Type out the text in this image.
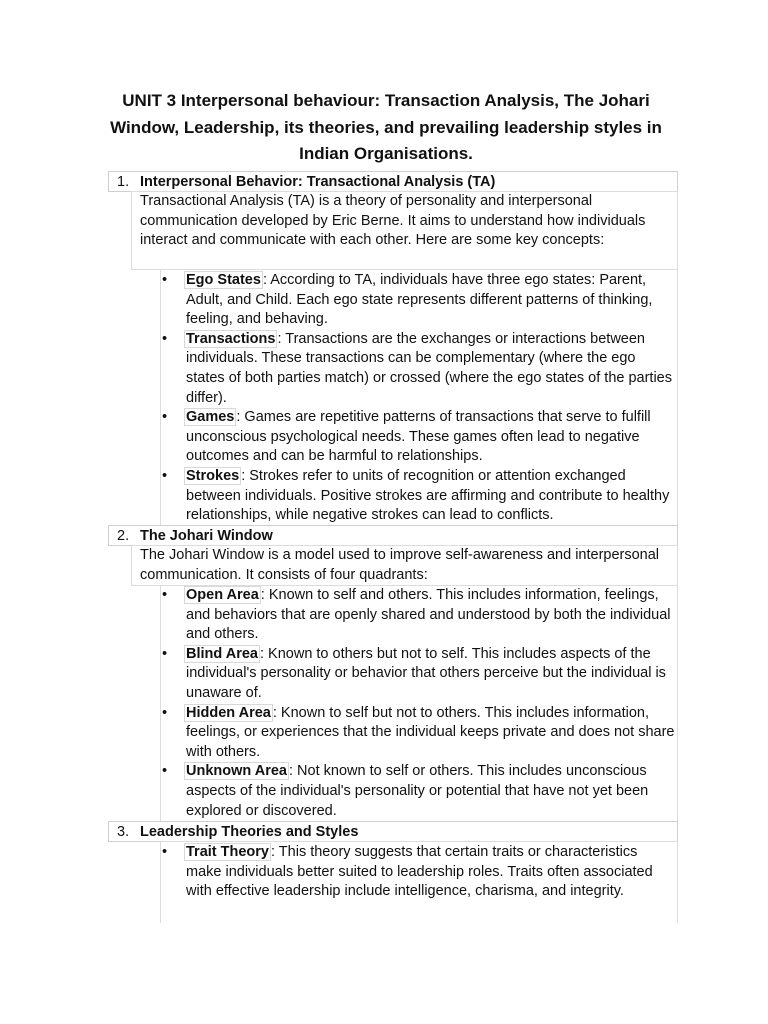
UNIT 3 Interpersonal behaviour: Transaction Analysis, The Johari Window, Leadership, its theories, and prevailing leadership styles in Indian Organisations.
1. Interpersonal Behavior: Transactional Analysis (TA)
Transactional Analysis (TA) is a theory of personality and interpersonal communication developed by Eric Berne. It aims to understand how individuals interact and communicate with each other. Here are some key concepts:
•	Ego States : According to TA, individuals have three ego states: Parent, Adult, and Child. Each ego state represents different patterns of thinking, feeling, and behaving.
•	Transactions : Transactions are the exchanges or interactions between individuals. These transactions can be complementary (where the ego states of both parties match) or crossed (where the ego states of the parties differ).
•	Games : Games are repetitive patterns of transactions that serve to fulfill unconscious psychological needs. These games often lead to negative outcomes and can be harmful to relationships.
•	Strokes : Strokes refer to units of recognition or attention exchanged between individuals. Positive strokes are affirming and contribute to healthy relationships, while negative strokes can lead to conflicts.
2. The Johari Window
The Johari Window is a model used to improve self-awareness and interpersonal communication. It consists of four quadrants:
•	Open Area : Known to self and others. This includes information, feelings, and behaviors that are openly shared and understood by both the individual and others.
•	Blind Area : Known to others but not to self. This includes aspects of the individual's personality or behavior that others perceive but the individual is unaware of.
•	Hidden Area : Known to self but not to others. This includes information, feelings, or experiences that the individual keeps private and does not share with others.
•	Unknown Area : Not known to self or others. This includes unconscious aspects of the individual's personality or potential that have not yet been explored or discovered.
3. Leadership Theories and Styles
•	Trait Theory : This theory suggests that certain traits or characteristics make individuals better suited to leadership roles. Traits often associated with effective leadership include intelligence, charisma, and integrity.
